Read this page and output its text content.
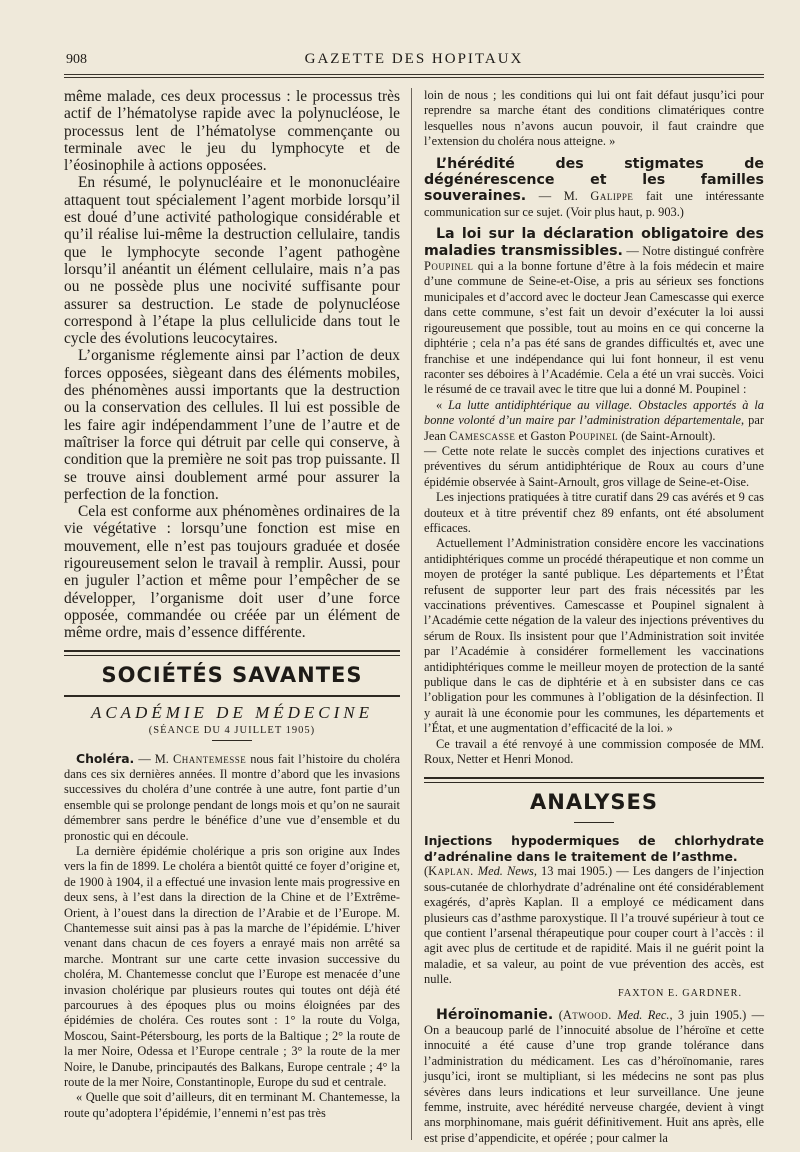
908	GAZETTE DES HOPITAUX

même malade, ces deux processus : le processus très actif de l’hématolyse rapide avec la polynucléose, le processus lent de l’hématolyse commençante ou terminale avec le jeu du lymphocyte et de l’éosinophile à actions opposées.

En résumé, le polynucléaire et le mononucléaire attaquent tout spécialement l’agent morbide lorsqu’il est doué d’une activité pathologique considérable et qu’il réalise lui-même la destruction cellulaire, tandis que le lymphocyte seconde l’agent pathogène lorsqu’il anéantit un élément cellulaire, mais n’a pas ou ne possède plus une nocivité suffisante pour assurer sa destruction. Le stade de polynucléose correspond à l’étape la plus cellulicide dans tout le cycle des évolutions leucocytaires.

L’organisme réglemente ainsi par l’action de deux forces opposées, siègeant dans des éléments mobiles, des phénomènes aussi importants que la destruction ou la conservation des cellules. Il lui est possible de les faire agir indépendamment l’une de l’autre et de maîtriser la force qui détruit par celle qui conserve, à condition que la première ne soit pas trop puissante. Il se trouve ainsi doublement armé pour assurer la perfection de la fonction.

Cela est conforme aux phénomènes ordinaires de la vie végétative : lorsqu’une fonction est mise en mouvement, elle n’est pas toujours graduée et dosée rigoureusement selon le travail à remplir. Aussi, pour en juguler l’action et même pour l’empêcher de se développer, l’organisme doit user d’une force opposée, commandée ou créée par un élément de même ordre, mais d’essence différente.

SOCIÉTÉS SAVANTES
ACADÉMIE DE MÉDECINE
(SÉANCE DU 4 JUILLET 1905)

Choléra. — M. Chantemesse nous fait l’histoire du choléra dans ces six dernières années. Il montre d’abord que les invasions successives du choléra d’une contrée à une autre, font partie d’un ensemble qui se prolonge pendant de longs mois et qu’on ne saurait démembrer sans perdre le bénéfice d’une vue d’ensemble et du pronostic qui en découle.

La dernière épidémie cholérique a pris son origine aux Indes vers la fin de 1899. Le choléra a bientôt quitté ce foyer d’origine et, de 1900 à 1904, il a effectué une invasion lente mais progressive en deux sens, à l’est dans la direction de la Chine et de l’Extrême-Orient, à l’ouest dans la direction de l’Arabie et de l’Europe. M. Chantemesse suit ainsi pas à pas la marche de l’épidémie. L’hiver venant dans chacun de ces foyers a enrayé mais non arrêté sa marche. Montrant sur une carte cette invasion successive du choléra, M. Chantemesse conclut que l’Europe est menacée d’une invasion cholérique par plusieurs routes qui toutes ont déjà été parcourues à des époques plus ou moins éloignées par des épidémies de choléra. Ces routes sont : 1° la route du Volga, Moscou, Saint-Pétersbourg, les ports de la Baltique ; 2° la route de la mer Noire, Odessa et l’Europe centrale ; 3° la route de la mer Noire, le Danube, principautés des Balkans, Europe centrale ; 4° la route de la mer Noire, Constantinople, Europe du sud et centrale.

« Quelle que soit d’ailleurs, dit en terminant M. Chantemesse, la route qu’adoptera l’épidémie, l’ennemi n’est pas très

loin de nous ; les conditions qui lui ont fait défaut jusqu’ici pour reprendre sa marche étant des conditions climatériques contre lesquelles nous n’avons aucun pouvoir, il faut craindre que l’extension du choléra nous atteigne. »

L’hérédité des stigmates de dégénérescence et les familles souveraines. — M. Galippe fait une intéressante communication sur ce sujet. (Voir plus haut, p. 903.)

La loi sur la déclaration obligatoire des maladies transmissibles. — Notre distingué confrère Poupinel qui a la bonne fortune d’être à la fois médecin et maire d’une commune de Seine-et-Oise, a pris au sérieux ses fonctions municipales et d’accord avec le docteur Jean Camescasse qui exerce dans cette commune, s’est fait un devoir d’exécuter la loi aussi rigoureusement que possible, tout au moins en ce qui concerne la diphtérie ; cela n’a pas été sans de grandes difficultés et, avec une franchise et une indépendance qui lui font honneur, il est venu raconter ses déboires à l’Académie. Cela a été un vrai succès. Voici le résumé de ce travail avec le titre que lui a donné M. Poupinel :

« La lutte antidiphtérique au village. Obstacles apportés à la bonne volonté d’un maire par l’administration départementale, par Jean Camescasse et Gaston Poupinel (de Saint-Arnoult).

— Cette note relate le succès complet des injections curatives et préventives du sérum antidiphtérique de Roux au cours d’une épidémie observée à Saint-Arnoult, gros village de Seine-et-Oise.

Les injections pratiquées à titre curatif dans 29 cas avérés et 9 cas douteux et à titre préventif chez 89 enfants, ont été absolument efficaces.

Actuellement l’Administration considère encore les vaccinations antidiphtériques comme un procédé thérapeutique et non comme un moyen de protéger la santé publique. Les départements et l’État refusent de supporter leur part des frais nécessités par les vaccinations préventives. Camescasse et Poupinel signalent à l’Académie cette négation de la valeur des injections préventives du sérum de Roux. Ils insistent pour que l’Administration soit invitée par l’Académie à considérer formellement les vaccinations antidiphtériques comme le meilleur moyen de protection de la santé publique dans le cas de diphtérie et à en subsister dans ce cas l’obligation pour les communes à l’obligation de la désinfection. Il y aurait là une économie pour les communes, les départements et l’État, et une augmentation d’efficacité de la loi. »

Ce travail a été renvoyé à une commission composée de MM. Roux, Netter et Henri Monod.

ANALYSES

Injections hypodermiques de chlorhydrate d’adrénaline dans le traitement de l’asthme.

(Kaplan. Med. News, 13 mai 1905.) — Les dangers de l’injection sous-cutanée de chlorhydrate d’adrénaline ont été considérablement exagérés, d’après Kaplan. Il a employé ce médicament dans plusieurs cas d’asthme paroxystique. Il l’a trouvé supérieur à tout ce que contient l’arsenal thérapeutique pour couper court à l’accès : il agit avec plus de certitude et de rapidité. Mais il ne guérit point la maladie, et sa valeur, au point de vue prévention des accès, est nulle.

FAXTON E. GARDNER.

Héroïnomanie. (Atwood. Med. Rec., 3 juin 1905.) — On a beaucoup parlé de l’innocuité absolue de l’héroïne et cette innocuité a été cause d’une trop grande tolérance dans l’administration du médicament. Les cas d’héroïnomanie, rares jusqu’ici, iront se multipliant, si les médecins ne sont pas plus sévères dans leurs indications et leur surveillance. Une jeune femme, instruite, avec hérédité nerveuse chargée, devient à vingt ans morphinomane, mais guérit définitivement. Huit ans après, elle est prise d’appendicite, et opérée ; pour calmer la
